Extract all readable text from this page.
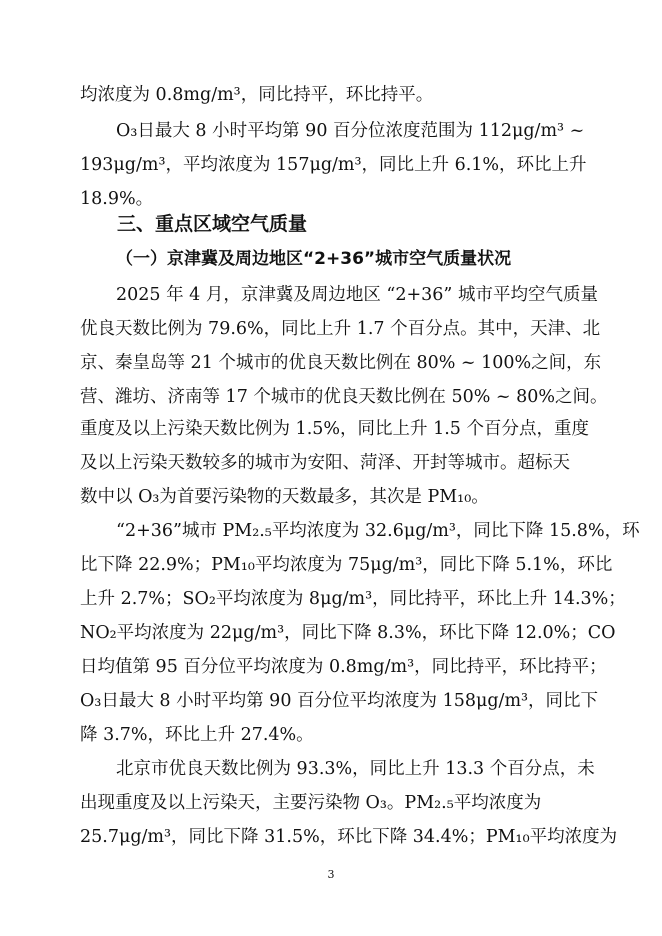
均浓度为 0.8mg/m³，同比持平，环比持平。
O₃日最大 8 小时平均第 90 百分位浓度范围为 112μg/m³ ~
193μg/m³，平均浓度为 157μg/m³，同比上升 6.1%，环比上升
18.9%。
三、重点区域空气质量
（一）京津冀及周边地区“2+36”城市空气质量状况
2025 年 4 月，京津冀及周边地区 “2+36” 城市平均空气质量
优良天数比例为 79.6%，同比上升 1.7 个百分点。其中，天津、北
京、秦皇岛等 21 个城市的优良天数比例在 80% ~ 100%之间，东
营、潍坊、济南等 17 个城市的优良天数比例在 50% ~ 80%之间。
重度及以上污染天数比例为 1.5%，同比上升 1.5 个百分点，重度
及以上污染天数较多的城市为安阳、菏泽、开封等城市。超标天
数中以 O₃为首要污染物的天数最多，其次是 PM₁₀。
“2+36”城市 PM₂.₅平均浓度为 32.6μg/m³，同比下降 15.8%，环
比下降 22.9%；PM₁₀平均浓度为 75μg/m³，同比下降 5.1%，环比
上升 2.7%；SO₂平均浓度为 8μg/m³，同比持平，环比上升 14.3%；
NO₂平均浓度为 22μg/m³，同比下降 8.3%，环比下降 12.0%；CO
日均值第 95 百分位平均浓度为 0.8mg/m³，同比持平，环比持平；
O₃日最大 8 小时平均第 90 百分位平均浓度为 158μg/m³，同比下
降 3.7%，环比上升 27.4%。
北京市优良天数比例为 93.3%，同比上升 13.3 个百分点，未
出现重度及以上污染天，主要污染物 O₃。PM₂.₅平均浓度为
25.7μg/m³，同比下降 31.5%，环比下降 34.4%；PM₁₀平均浓度为
3
